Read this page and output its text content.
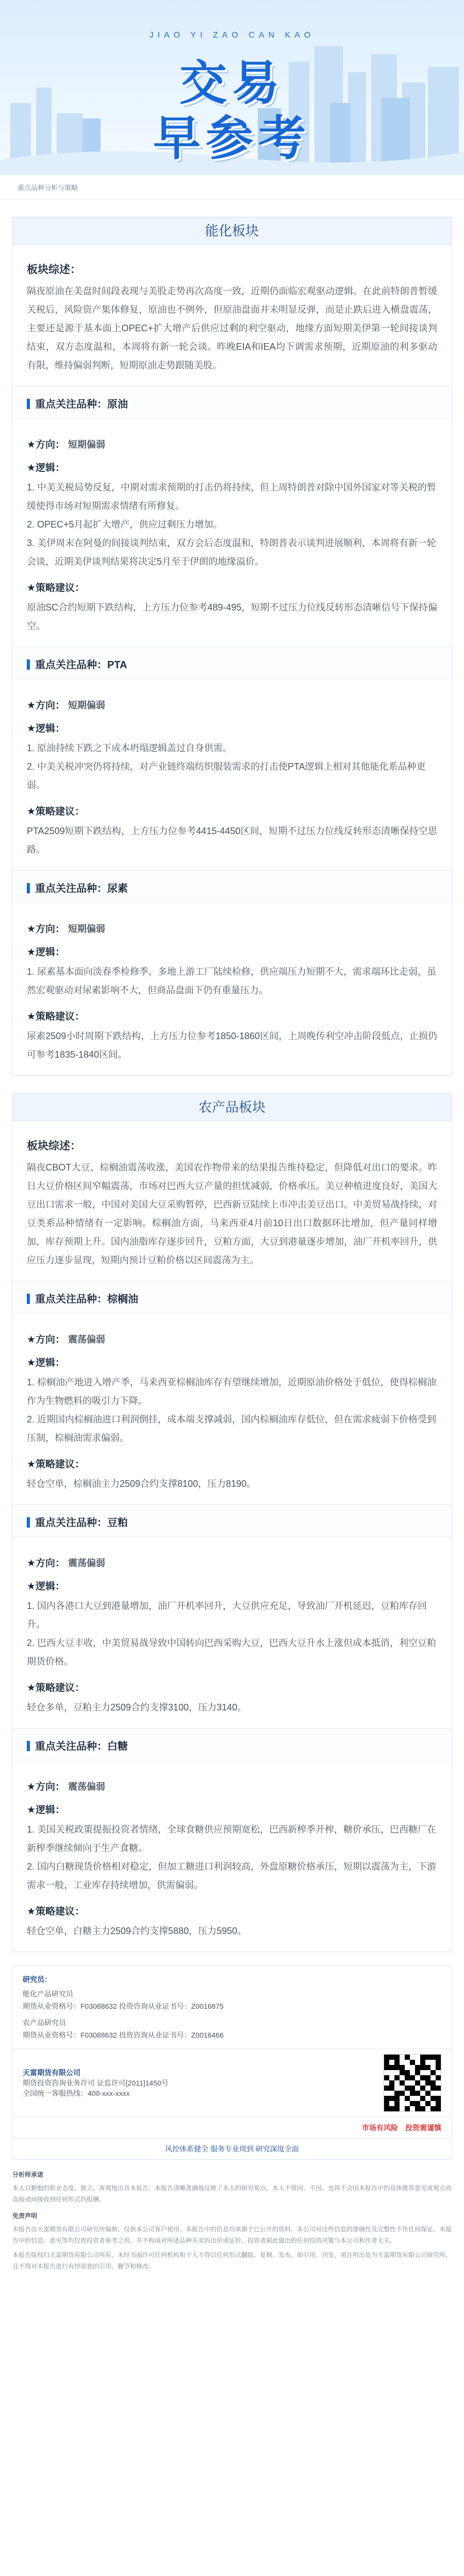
JIAO YI ZAO CAN KAO
交易
早参考
重点品种分析与策略
能化板块
板块综述：
隔夜原油在美盘时间段表现与美股走势再次高度一致，近期仍面临宏观驱动逻辑。在此前特朗普暂缓关税后，风险资产集体修复，原油也不例外，但原油盘面并未明显反弹，而是止跌后进入横盘震荡，主要还是源于基本面上OPEC+扩大增产后供应过剩的利空驱动，地缘方面短期美伊第一轮间接谈判结束，双方态度温和，本周将有新一轮会谈。昨晚EIA和IEA均下调需求预期，近期原油的利多驱动有限，维持偏弱判断，短期原油走势跟随美股。
重点关注品种：原油
★方向： 短期偏弱
★逻辑：
1. 中美关税局势反复，中期对需求预期的打击仍将持续，但上周特朗普对除中国外国家对等关税的暂缓使得市场对短期需求情绪有所修复。
2. OPEC+5月起扩大增产，供应过剩压力增加。
3. 美伊周末在阿曼的间接谈判结束，双方会后态度温和，特朗普表示谈判进展顺利，本周将有新一轮会谈，近期美伊谈判结果将决定5月至于伊朗的地缘溢价。
★策略建议：
原油SC合约短期下跌结构，上方压力位参考489-495，短期不过压力位线反转形态清晰信号下保持偏空。
重点关注品种：PTA
★方向： 短期偏弱
★逻辑：
1. 原油持续下跌之下成本坍塌逻辑盖过自身供需。
2. 中美关税冲突仍将持续，对产业链终端纺织服装需求的打击使PTA逻辑上相对其他能化系品种更弱。
★策略建议：
PTA2509短期下跌结构，上方压力位参考4415-4450区间，短期不过压力位线反转形态清晰保持空思路。
重点关注品种：尿素
★方向： 短期偏弱
★逻辑：
1. 尿素基本面向淡春季检修季，多地上游工厂陆续检修，供应端压力短期不大，需求端环比走弱，虽然宏观驱动对尿素影响不大，但商品盘面下仍有重量压力。
★策略建议：
尿素2509小时周期下跌结构，上方压力位参考1850-1860区间，上周晚传利空冲击阶段低点，止损仍可参考1835-1840区间。
农产品板块
板块综述：
隔夜CBOT大豆、棕榈油震荡收涨，美国农作物带来的结果报告维持稳定，但降低对出口的要求。昨日大豆价格区间窄幅震荡，市场对巴西大豆产量的担忧减弱，价格承压。美豆种植进度良好，美国大豆出口需求一般，中国对美国大豆采购暂停，巴西新豆陆续上市冲击美豆出口。中美贸易战持续，对豆类系品种情绪有一定影响。棕榈油方面，马来西亚4月前10日出口数据环比增加，但产量同样增加，库存预期上升。国内油脂库存逐步回升，豆粕方面，大豆到港量逐步增加，油厂开机率回升，供应压力逐步显现，短期内预计豆粕价格以区间震荡为主。
重点关注品种：棕榈油
★方向： 震荡偏弱
★逻辑：
1. 棕榈油产地进入增产季，马来西亚棕榈油库存有望继续增加，近期原油价格处于低位，使得棕榈油作为生物燃料的吸引力下降。
2. 近期国内棕榈油进口利润倒挂，成本端支撑减弱，国内棕榈油库存低位，但在需求疲弱下价格受到压制，棕榈油需求偏弱。
★策略建议：
轻仓空单，棕榈油主力2509合约支撑8100，压力8190。
重点关注品种：豆粕
★方向： 震荡偏弱
★逻辑：
1. 国内各港口大豆到港量增加，油厂开机率回升，大豆供应充足，导致油厂开机延迟，豆粕库存回升。
2. 巴西大豆丰收，中美贸易战导致中国转向巴西采购大豆，巴西大豆升水上涨但成本抵消，利空豆粕期货价格。
★策略建议：
轻仓多单，豆粕主力2509合约支撑3100，压力3140。
重点关注品种：白糖
★方向： 震荡偏弱
★逻辑：
1. 美国关税政策提振投资者情绪，全球食糖供应预期宽松，巴西新榨季开榨，糖价承压，巴西糖厂在新榨季继续倾向于生产食糖。
2. 国内白糖现货价格相对稳定，但加工糖进口利润较高，外盘原糖价格承压，短期以震荡为主，下游需求一般，工业库存持续增加，供需偏弱。
★策略建议：
轻仓空单，白糖主力2509合约支撑5880，压力5950。
研究员：
能化产品研究员
期货从业资格号：F03088632 投资咨询从业证书号：Z0016875
农产品研究员
期货从业资格号：F03088632 投资咨询从业证书号：Z0016466
天富期货有限公司
期货投资咨询业务许可 证监许可[2011]1450号
全国统一客服热线：400-xxx-xxxx
市场有风险 投资需谨慎
风控体系健全 服务专业周到 研究深度全面
分析师承诺
本人以勤勉的职业态度，独立、客观地出具本报告。本报告清晰准确地反映了本人的研究观点。本人不曾因、不因、也将不会因本报告中的具体推荐意见或观点而直接或间接收到任何形式的报酬。
免责声明
本报告由天富期货有限公司研究所编制，仅供本公司客户使用。本报告中的信息均来源于已公开的资料，本公司对这些信息的准确性及完整性不作任何保证。本报告中的信息、意见等均仅供投资者参考之用，并不构成对所述品种买卖的出价或征价，投资者据此做出的任何投资决策与本公司和作者无关。
本报告版权归天富期货有限公司所有，未经书面许可任何机构和个人不得以任何形式翻版、复制、发布。如引用、刊发，须注明出处为天富期货有限公司研究所，且不得对本报告进行有悖原意的引用、删节和修改。
